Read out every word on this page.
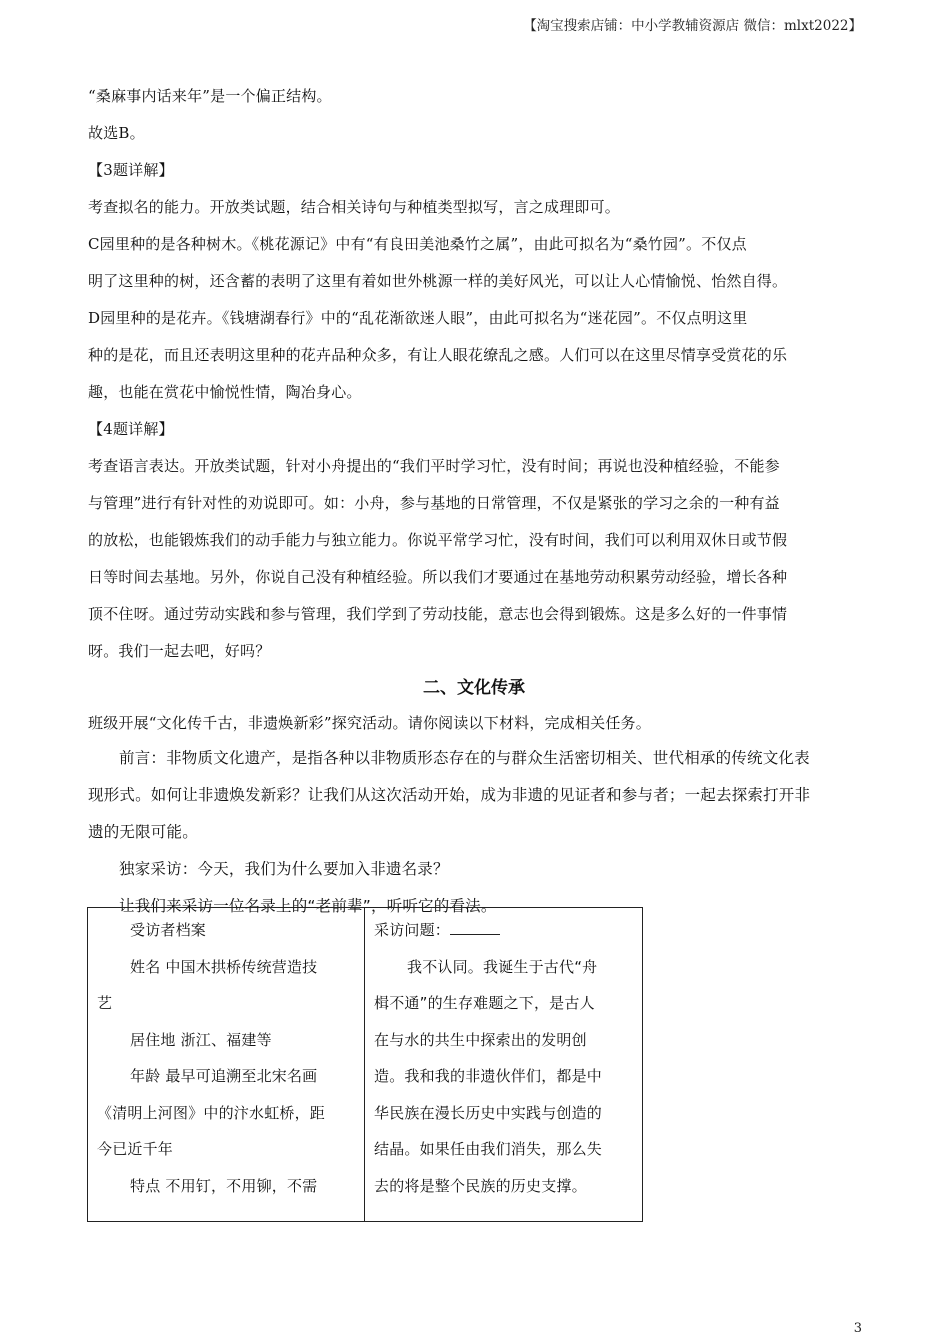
【淘宝搜索店铺：中小学教辅资源店 微信：mlxt2022】
“桑麻事内话来年”是一个偏正结构。
故选B。
【3题详解】
考查拟名的能力。开放类试题，结合相关诗句与种植类型拟写，言之成理即可。
C园里种的是各种树木。《桃花源记》中有“有良田美池桑竹之属”，由此可拟名为“桑竹园”。不仅点
明了这里种的树，还含蓄的表明了这里有着如世外桃源一样的美好风光，可以让人心情愉悦、怡然自得。
D园里种的是花卉。《钱塘湖春行》中的“乱花渐欲迷人眼”，由此可拟名为“迷花园”。不仅点明这里
种的是花，而且还表明这里种的花卉品种众多，有让人眼花缭乱之感。人们可以在这里尽情享受赏花的乐
趣，也能在赏花中愉悦性情，陶冶身心。
【4题详解】
考查语言表达。开放类试题，针对小舟提出的“我们平时学习忙，没有时间；再说也没种植经验，不能参
与管理”进行有针对性的劝说即可。如：小舟，参与基地的日常管理，不仅是紧张的学习之余的一种有益
的放松，也能锻炼我们的动手能力与独立能力。你说平常学习忙，没有时间，我们可以利用双休日或节假
日等时间去基地。另外，你说自己没有种植经验。所以我们才要通过在基地劳动积累劳动经验，增长各种
顶不住呀。通过劳动实践和参与管理，我们学到了劳动技能，意志也会得到锻炼。这是多么好的一件事情
呀。我们一起去吧，好吗？
二、文化传承
班级开展“文化传千古，非遗焕新彩”探究活动。请你阅读以下材料，完成相关任务。
前言：非物质文化遗产，是指各种以非物质形态存在的与群众生活密切相关、世代相承的传统文化表
现形式。如何让非遗焕发新彩？让我们从这次活动开始，成为非遗的见证者和参与者；一起去探索打开非
遗的无限可能。
独家采访：今天，我们为什么要加入非遗名录？
让我们来采访一位名录上的“老前辈”，听听它的看法。
受访者档案
姓名 中国木拱桥传统营造技
艺
居住地 浙江、福建等
年龄 最早可追溯至北宋名画
《清明上河图》中的汴水虹桥，距
今已近千年
特点 不用钉，不用铆，不需
采访问题：
我不认同。我诞生于古代“舟
楫不通”的生存难题之下，是古人
在与水的共生中探索出的发明创
造。我和我的非遗伙伴们，都是中
华民族在漫长历史中实践与创造的
结晶。如果任由我们消失，那么失
去的将是整个民族的历史支撑。
3
